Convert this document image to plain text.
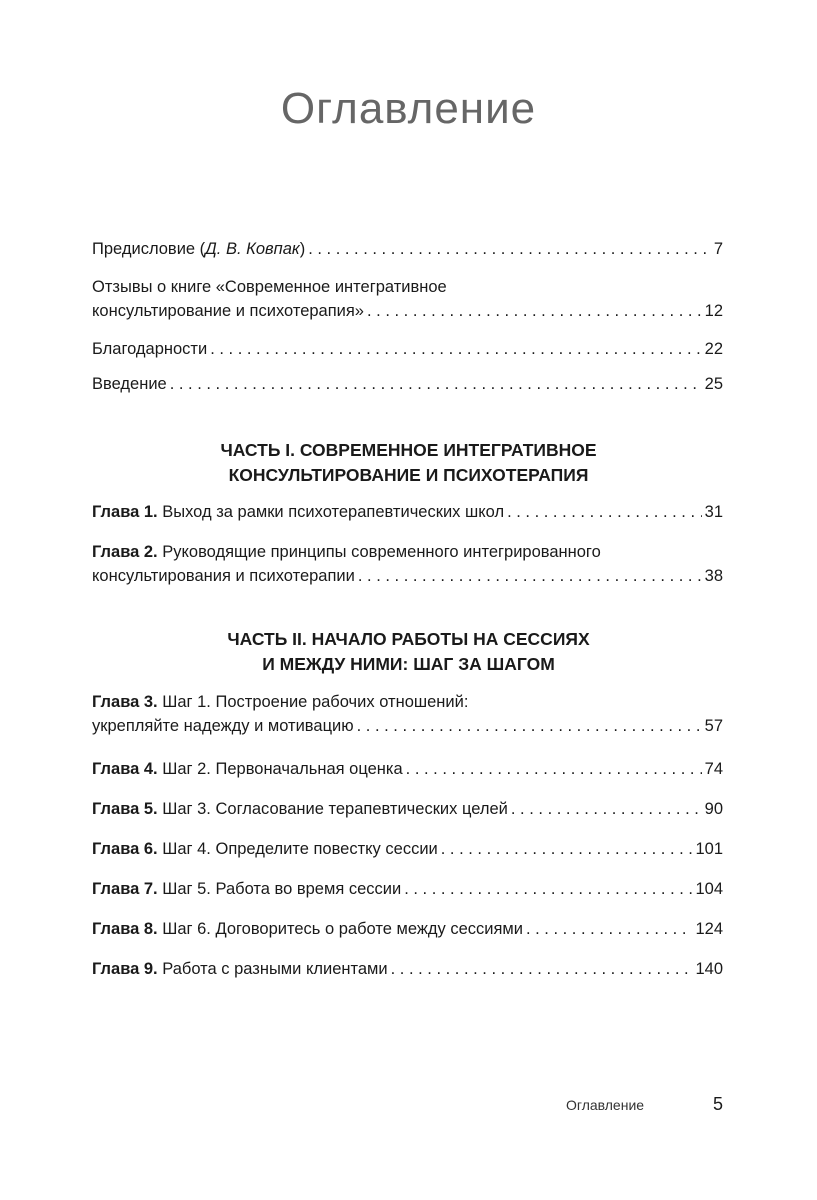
Оглавление
Предисловие (Д. В. Ковпак) . . .	7
Отзывы о книге «Современное интегративное
консультирование и психотерапия» . . .	12
Благодарности . . .	22
Введение . . .	25
ЧАСТЬ I. СОВРЕМЕННОЕ ИНТЕГРАТИВНОЕ
КОНСУЛЬТИРОВАНИЕ И ПСИХОТЕРАПИЯ
Глава 1. Выход за рамки психотерапевтических школ . . .	31
Глава 2. Руководящие принципы современного интегрированного
консультирования и психотерапии . . .	38
ЧАСТЬ II. НАЧАЛО РАБОТЫ НА СЕССИЯХ
И МЕЖДУ НИМИ: ШАГ ЗА ШАГОМ
Глава 3. Шаг 1. Построение рабочих отношений:
укрепляйте надежду и мотивацию . . .	57
Глава 4. Шаг 2. Первоначальная оценка . . .	74
Глава 5. Шаг 3. Согласование терапевтических целей . . .	90
Глава 6. Шаг 4. Определите повестку сессии . . .	101
Глава 7. Шаг 5. Работа во время сессии . . .	104
Глава 8. Шаг 6. Договоритесь о работе между сессиями . . .	124
Глава 9. Работа с разными клиентами . . .	140
Оглавление	5
